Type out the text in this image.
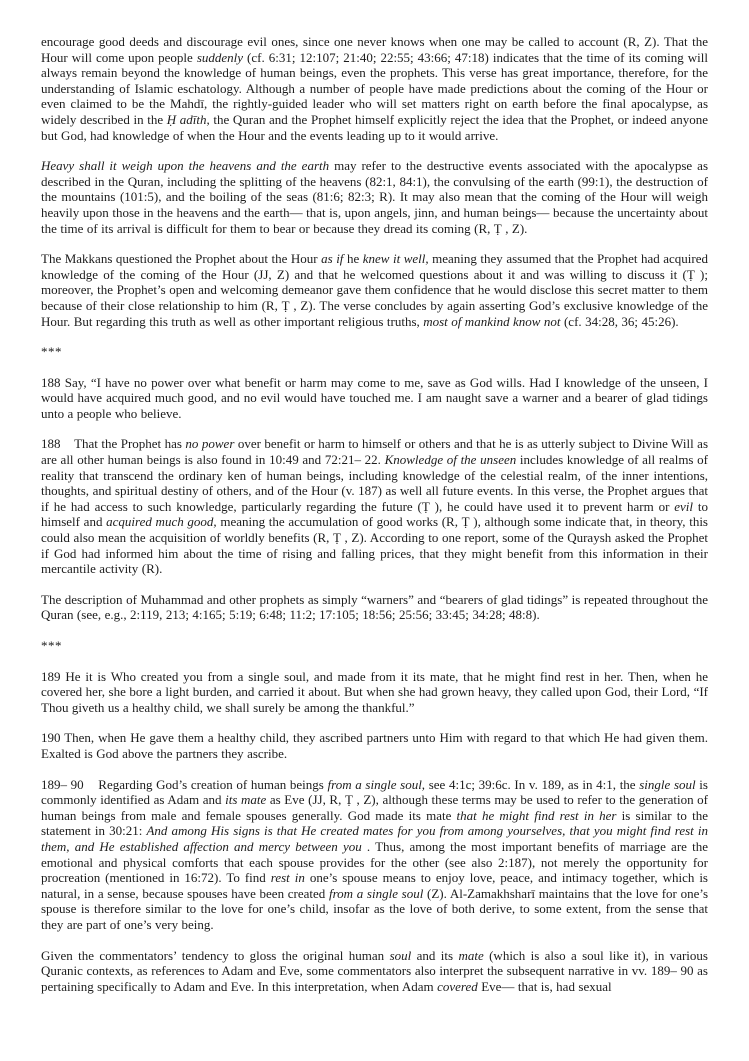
encourage good deeds and discourage evil ones, since one never knows when one may be called to account (R, Z). That the Hour will come upon people suddenly (cf. 6:31; 12:107; 21:40; 22:55; 43:66; 47:18) indicates that the time of its coming will always remain beyond the knowledge of human beings, even the prophets. This verse has great importance, therefore, for the understanding of Islamic eschatology. Although a number of people have made predictions about the coming of the Hour or even claimed to be the Mahdī, the rightly-guided leader who will set matters right on earth before the final apocalypse, as widely described in the Ḥ adīth, the Quran and the Prophet himself explicitly reject the idea that the Prophet, or indeed anyone but God, had knowledge of when the Hour and the events leading up to it would arrive.

Heavy shall it weigh upon the heavens and the earth may refer to the destructive events associated with the apocalypse as described in the Quran, including the splitting of the heavens (82:1, 84:1), the convulsing of the earth (99:1), the destruction of the mountains (101:5), and the boiling of the seas (81:6; 82:3; R). It may also mean that the coming of the Hour will weigh heavily upon those in the heavens and the earth— that is, upon angels, jinn, and human beings— because the uncertainty about the time of its arrival is difficult for them to bear or because they dread its coming (R, Ṭ , Z).

The Makkans questioned the Prophet about the Hour as if he knew it well, meaning they assumed that the Prophet had acquired knowledge of the coming of the Hour (JJ, Z) and that he welcomed questions about it and was willing to discuss it (Ṭ ); moreover, the Prophet’s open and welcoming demeanor gave them confidence that he would disclose this secret matter to them because of their close relationship to him (R, Ṭ , Z). The verse concludes by again asserting God’s exclusive knowledge of the Hour. But regarding this truth as well as other important religious truths, most of mankind know not (cf. 34:28, 36; 45:26).

***

188 Say, “I have no power over what benefit or harm may come to me, save as God wills. Had I knowledge of the unseen, I would have acquired much good, and no evil would have touched me. I am naught save a warner and a bearer of glad tidings unto a people who believe.

188    That the Prophet has no power over benefit or harm to himself or others and that he is as utterly subject to Divine Will as are all other human beings is also found in 10:49 and 72:21– 22. Knowledge of the unseen includes knowledge of all realms of reality that transcend the ordinary ken of human beings, including knowledge of the celestial realm, of the inner intentions, thoughts, and spiritual destiny of others, and of the Hour (v. 187) as well all future events. In this verse, the Prophet argues that if he had access to such knowledge, particularly regarding the future (Ṭ ), he could have used it to prevent harm or evil to himself and acquired much good, meaning the accumulation of good works (R, Ṭ ), although some indicate that, in theory, this could also mean the acquisition of worldly benefits (R, Ṭ , Z). According to one report, some of the Quraysh asked the Prophet if God had informed him about the time of rising and falling prices, that they might benefit from this information in their mercantile activity (R).

The description of Muhammad and other prophets as simply “warners” and “bearers of glad tidings” is repeated throughout the Quran (see, e.g., 2:119, 213; 4:165; 5:19; 6:48; 11:2; 17:105; 18:56; 25:56; 33:45; 34:28; 48:8).

***

189 He it is Who created you from a single soul, and made from it its mate, that he might find rest in her. Then, when he covered her, she bore a light burden, and carried it about. But when she had grown heavy, they called upon God, their Lord, “If Thou giveth us a healthy child, we shall surely be among the thankful.”

190 Then, when He gave them a healthy child, they ascribed partners unto Him with regard to that which He had given them. Exalted is God above the partners they ascribe.

189– 90    Regarding God’s creation of human beings from a single soul, see 4:1c; 39:6c. In v. 189, as in 4:1, the single soul is commonly identified as Adam and its mate as Eve (JJ, R, Ṭ , Z), although these terms may be used to refer to the generation of human beings from male and female spouses generally. God made its mate that he might find rest in her is similar to the statement in 30:21: And among His signs is that He created mates for you from among yourselves, that you might find rest in them, and He established affection and mercy between you . Thus, among the most important benefits of marriage are the emotional and physical comforts that each spouse provides for the other (see also 2:187), not merely the opportunity for procreation (mentioned in 16:72). To find rest in one’s spouse means to enjoy love, peace, and intimacy together, which is natural, in a sense, because spouses have been created from a single soul (Z). Al-Zamakhsharī maintains that the love for one’s spouse is therefore similar to the love for one’s child, insofar as the love of both derive, to some extent, from the sense that they are part of one’s very being.

Given the commentators’ tendency to gloss the original human soul and its mate (which is also a soul like it), in various Quranic contexts, as references to Adam and Eve, some commentators also interpret the subsequent narrative in vv. 189– 90 as pertaining specifically to Adam and Eve. In this interpretation, when Adam covered Eve— that is, had sexual
